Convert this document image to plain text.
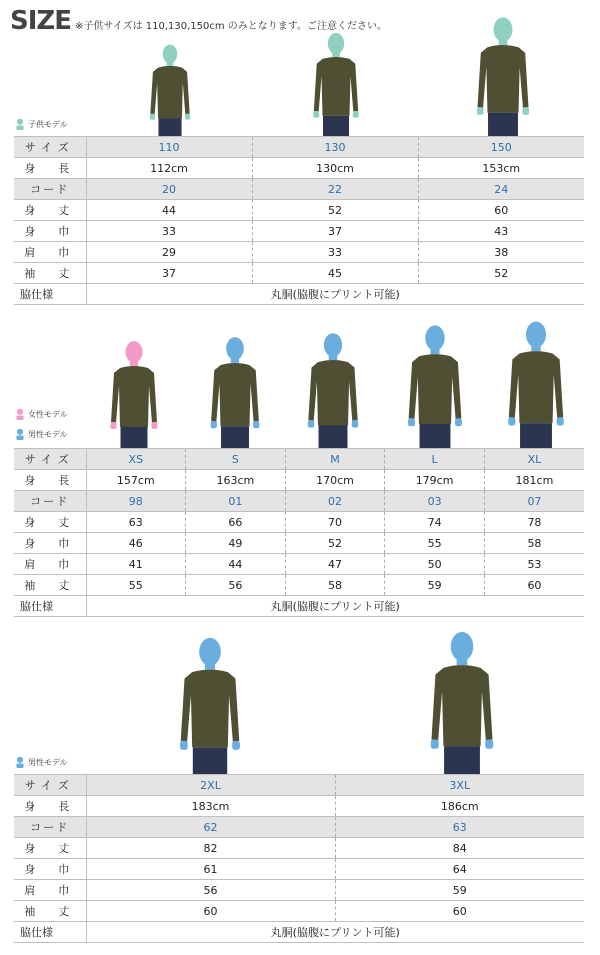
SIZE ※子供サイズは 110,130,150cm のみとなります。ご注意ください。
子供モデル
サイズ	110	130	150
身　長	112cm	130cm	153cm
コード	20	22	24
身　丈	44	52	60
身　巾	33	37	43
肩　巾	29	33	38
袖　丈	37	45	52
脇仕様	丸胴(脇腹にプリント可能)		
女性モデル
男性モデル
サイズ	XS	S	M	L	XL
身　長	157cm	163cm	170cm	179cm	181cm
コード	98	01	02	03	07
身　丈	63	66	70	74	78
身　巾	46	49	52	55	58
肩　巾	41	44	47	50	53
袖　丈	55	56	58	59	60
脇仕様	丸胴(脇腹にプリント可能)				
男性モデル
サイズ	2XL	3XL
身　長	183cm	186cm
コード	62	63
身　丈	82	84
身　巾	61	64
肩　巾	56	59
袖　丈	60	60
脇仕様	丸胴(脇腹にプリント可能)	
